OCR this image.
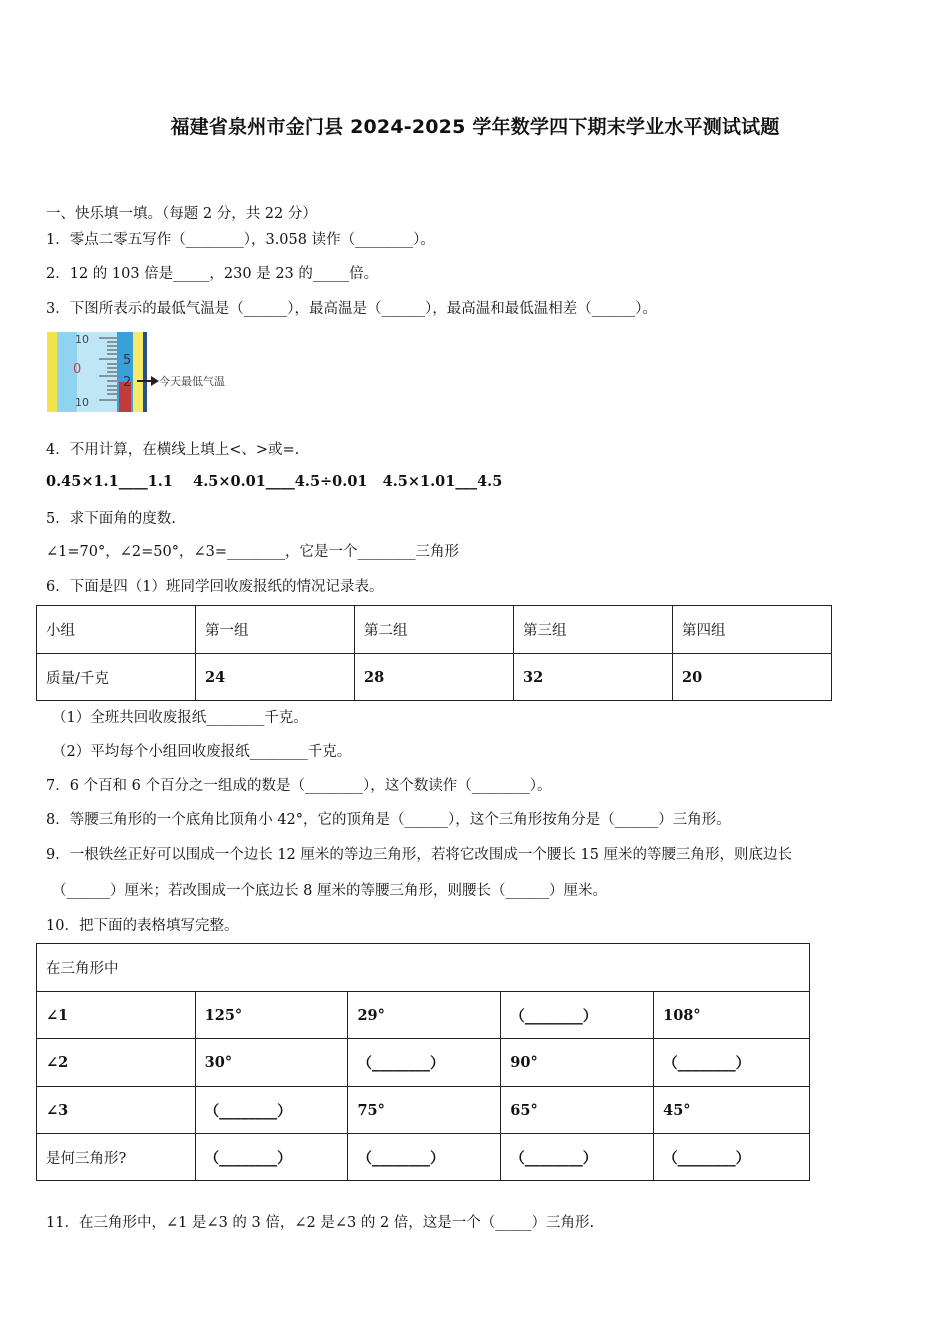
福建省泉州市金门县 2024-2025 学年数学四下期末学业水平测试试题
一、快乐填一填。（每题 2 分，共 22 分）
1．零点二零五写作（________），3.058 读作（________）。
2．12 的 103 倍是_____，230 是 23 的_____倍。
3．下图所表示的最低气温是（______），最高温是（______），最高温和最低温相差（______）。
10
5
0
2
10
今天最低气温
4．不用计算，在横线上填上<、>或=.
0.45×1.1____1.1    4.5×0.01____4.5÷0.01   4.5×1.01___4.5
5．求下面角的度数.
∠1=70°，∠2=50°，∠3=________，它是一个________三角形
6．下面是四（1）班同学回收废报纸的情况记录表。
小组	第一组	第二组	第三组	第四组
质量/千克	24	28	32	20
（1）全班共回收废报纸________千克。
（2）平均每个小组回收废报纸________千克。
7．6 个百和 6 个百分之一组成的数是（________），这个数读作（________）。
8．等腰三角形的一个底角比顶角小 42°，它的顶角是（______），这个三角形按角分是（______）三角形。
9．一根铁丝正好可以围成一个边长 12 厘米的等边三角形，若将它改围成一个腰长 15 厘米的等腰三角形，则底边长
（______）厘米；若改围成一个底边长 8 厘米的等腰三角形，则腰长（______）厘米。
10．把下面的表格填写完整。
在三角形中				
∠1	125°	29°	（________）	108°
∠2	30°	（________）	90°	（________）
∠3	（________）	75°	65°	45°
是何三角形?	（________）	（________）	（________）	（________）
11．在三角形中，∠1 是∠3 的 3 倍，∠2 是∠3 的 2 倍，这是一个（_____）三角形.
